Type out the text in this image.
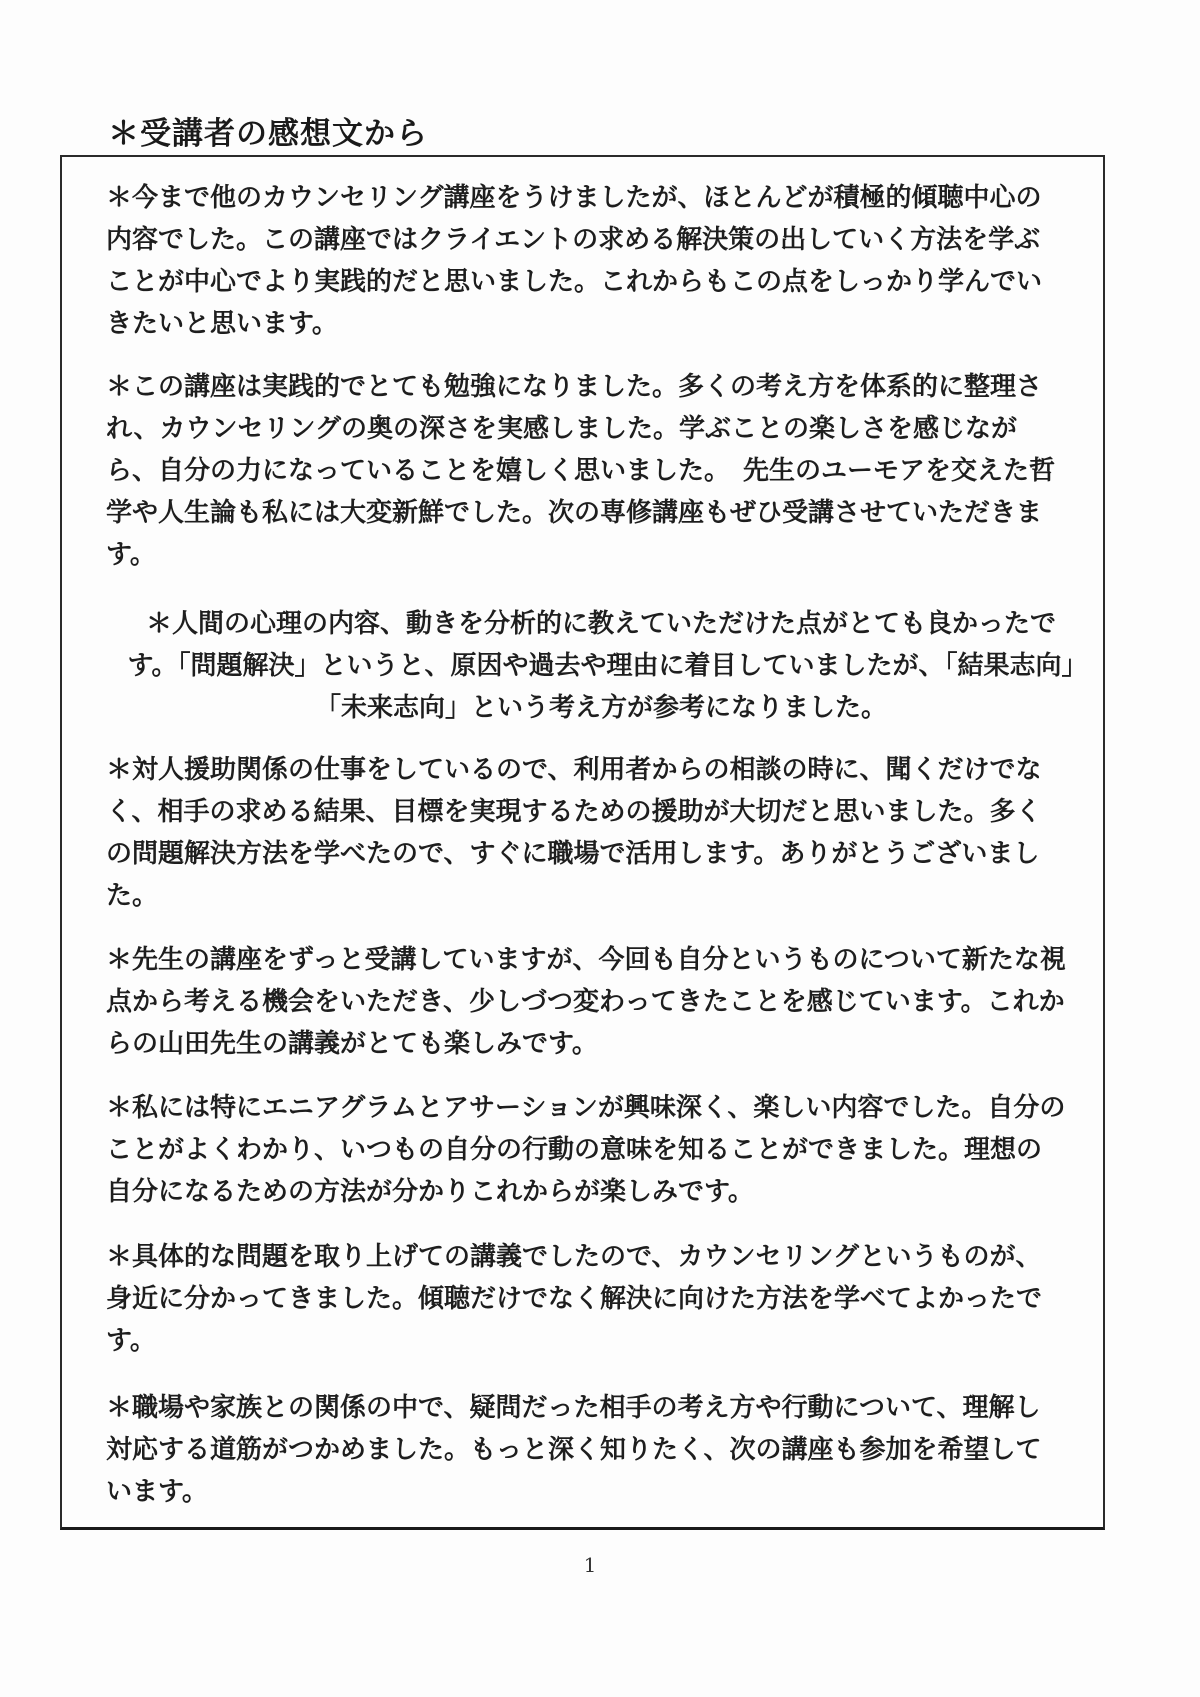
＊受講者の感想文から

＊今まで他のカウンセリング講座をうけましたが、ほとんどが積極的傾聴中心の内容でした。この講座ではクライエントの求める解決策の出していく方法を学ぶことが中心でより実践的だと思いました。これからもこの点をしっかり学んでいきたいと思います。

＊この講座は実践的でとても勉強になりました。多くの考え方を体系的に整理され、カウンセリングの奥の深さを実感しました。学ぶことの楽しさを感じながら、自分の力になっていることを嬉しく思いました。　先生のユーモアを交えた哲学や人生論も私には大変新鮮でした。次の専修講座もぜひ受講させていただきます。

＊人間の心理の内容、動きを分析的に教えていただけた点がとても良かったです。「問題解決」というと、原因や過去や理由に着目していましたが、「結果志向」「未来志向」という考え方が参考になりました。

＊対人援助関係の仕事をしているので、利用者からの相談の時に、聞くだけでなく、相手の求める結果、目標を実現するための援助が大切だと思いました。多くの問題解決方法を学べたので、すぐに職場で活用します。ありがとうございました。

＊先生の講座をずっと受講していますが、今回も自分というものについて新たな視点から考える機会をいただき、少しづつ変わってきたことを感じています。これからの山田先生の講義がとても楽しみです。

＊私には特にエニアグラムとアサーションが興味深く、楽しい内容でした。自分のことがよくわかり、いつもの自分の行動の意味を知ることができました。理想の自分になるための方法が分かりこれからが楽しみです。

＊具体的な問題を取り上げての講義でしたので、カウンセリングというものが、身近に分かってきました。傾聴だけでなく解決に向けた方法を学べてよかったです。

＊職場や家族との関係の中で、疑問だった相手の考え方や行動について、理解し対応する道筋がつかめました。もっと深く知りたく、次の講座も参加を希望しています。

1
